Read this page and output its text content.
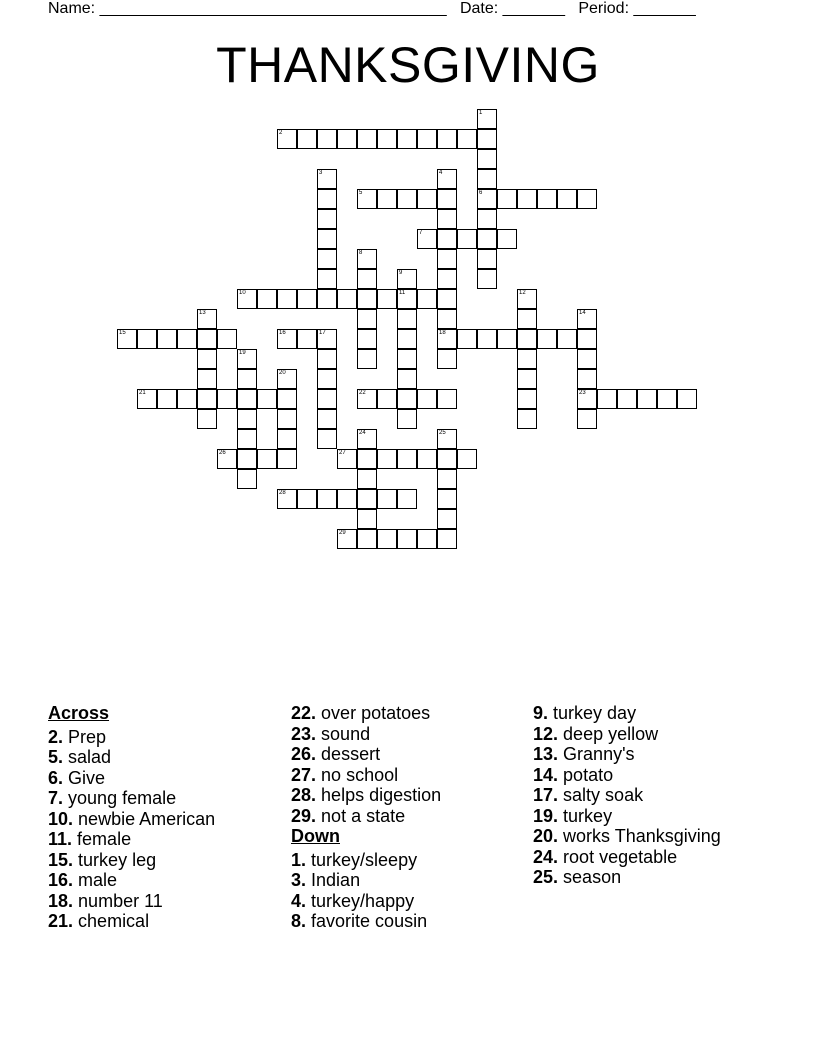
Name: _______________________________________ Date: _______ Period: _______
THANKSGIVING
1
6
2
3	4
18
5
7
8
9
11
10	12
13	14
23
15	16	17
19
20
21	22
24	25
26	27
28
29
Across
2. Prep
5. salad
6. Give
7. young female
10. newbie American
11. female
15. turkey leg
16. male
18. number 11
21. chemical
22. over potatoes
23. sound
26. dessert
27. no school
28. helps digestion
29. not a state
Down
1. turkey/sleepy
3. Indian
4. turkey/happy
8. favorite cousin
9. turkey day
12. deep yellow
13. Granny's
14. potato
17. salty soak
19. turkey
20. works Thanksgiving
24. root vegetable
25. season
